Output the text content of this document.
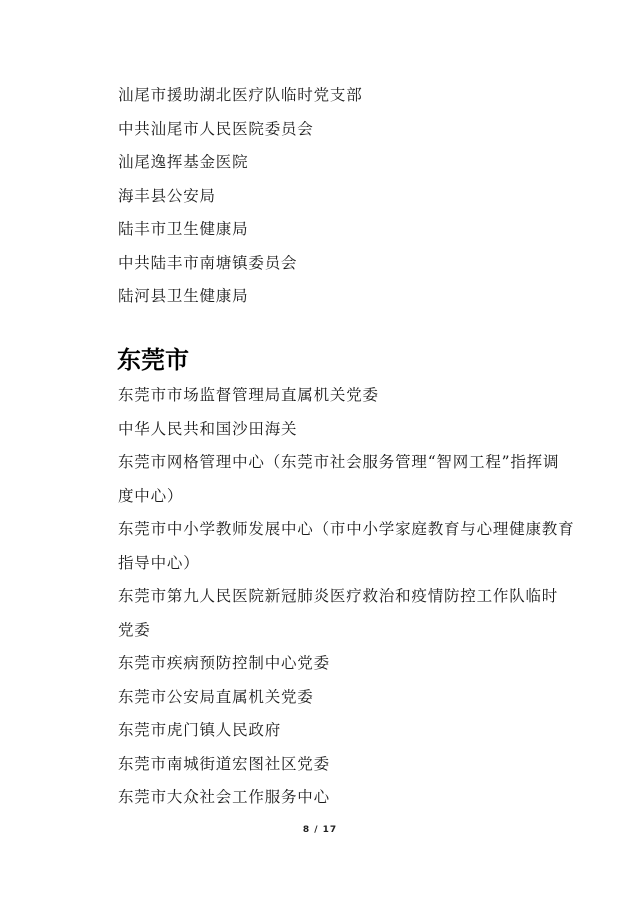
汕尾市援助湖北医疗队临时党支部
中共汕尾市人民医院委员会
汕尾逸挥基金医院
海丰县公安局
陆丰市卫生健康局
中共陆丰市南塘镇委员会
陆河县卫生健康局
东莞市
东莞市市场监督管理局直属机关党委
中华人民共和国沙田海关
东莞市网格管理中心（东莞市社会服务管理“智网工程”指挥调
度中心）
东莞市中小学教师发展中心（市中小学家庭教育与心理健康教育
指导中心）
东莞市第九人民医院新冠肺炎医疗救治和疫情防控工作队临时
党委
东莞市疾病预防控制中心党委
东莞市公安局直属机关党委
东莞市虎门镇人民政府
东莞市南城街道宏图社区党委
东莞市大众社会工作服务中心
8 / 17
